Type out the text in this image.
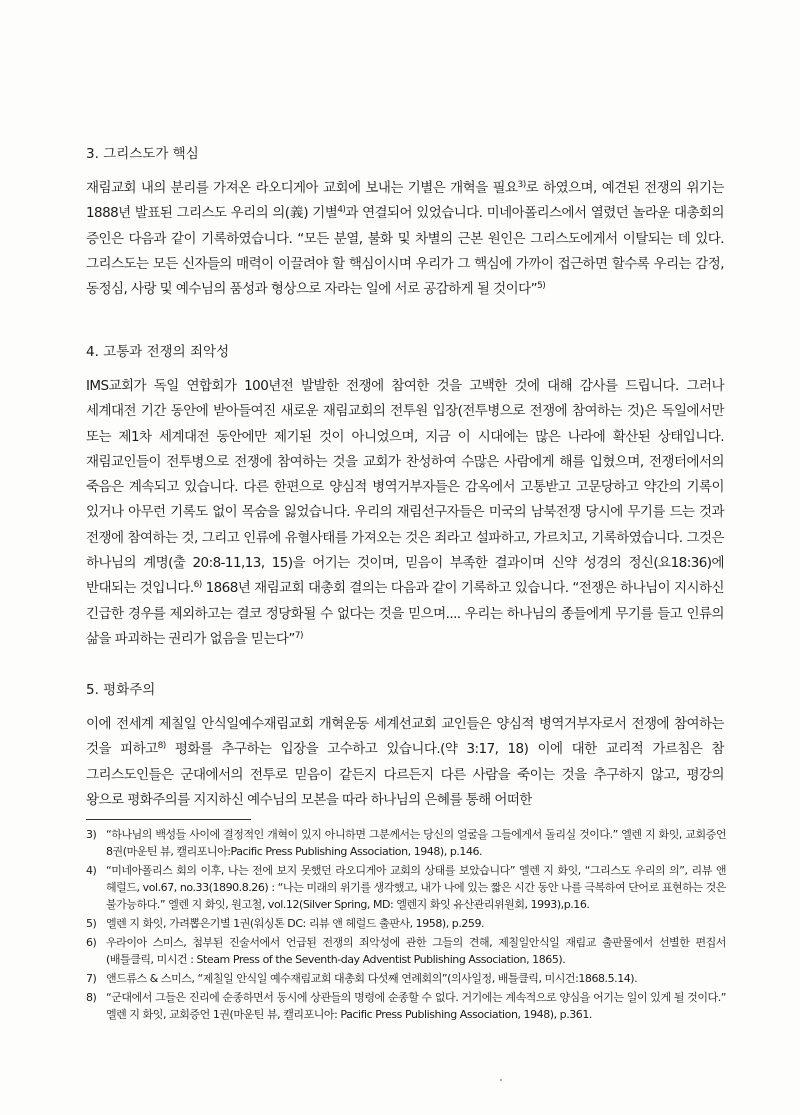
3. 그리스도가 핵심

재림교회 내의 분리를 가져온 라오디게아 교회에 보내는 기별은 개혁을 필요$^{3)}$로 하였으며, 예견된 전쟁의 위기는 1888년 발표된 그리스도 우리의 의(義) 기별$^{4)}$과 연결되어 있었습니다. 미네아폴리스에서 열렸던 놀라운 대총회의 증인은 다음과 같이 기록하였습니다. “모든 분열, 불화 및 차별의 근본 원인은 그리스도에게서 이탈되는 데 있다. 그리스도는 모든 신자들의 매력이 이끌려야 할 핵심이시며 우리가 그 핵심에 가까이 접근하면 할수록 우리는 감정, 동정심, 사랑 및 예수님의 품성과 형상으로 자라는 일에 서로 공감하게 될 것이다”$^{5)}$

4. 고통과 전쟁의 죄악성

IMS교회가 독일 연합회가 100년전 발발한 전쟁에 참여한 것을 고백한 것에 대해 감사를 드립니다. 그러나 세계대전 기간 동안에 받아들여진 새로운 재림교회의 전투원 입장(전투병으로 전쟁에 참여하는 것)은 독일에서만 또는 제1차 세계대전 동안에만 제기된 것이 아니었으며, 지금 이 시대에는 많은 나라에 확산된 상태입니다. 재림교인들이 전투병으로 전쟁에 참여하는 것을 교회가 찬성하여 수많은 사람에게 해를 입혔으며, 전쟁터에서의 죽음은 계속되고 있습니다. 다른 한편으로 양심적 병역거부자들은 감옥에서 고통받고 고문당하고 약간의 기록이 있거나 아무런 기록도 없이 목숨을 잃었습니다. 우리의 재림선구자들은 미국의 남북전쟁 당시에 무기를 드는 것과 전쟁에 참여하는 것, 그리고 인류에 유혈사태를 가져오는 것은 죄라고 설파하고, 가르치고, 기록하였습니다. 그것은 하나님의 계명(출 20:8-11,13, 15)을 어기는 것이며, 믿음이 부족한 결과이며 신약 성경의 정신(요18:36)에 반대되는 것입니다.$^{6)}$ 1868년 재림교회 대총회 결의는 다음과 같이 기록하고 있습니다. “전쟁은 하나님이 지시하신 긴급한 경우를 제외하고는 결코 정당화될 수 없다는 것을 믿으며.... 우리는 하나님의 종들에게 무기를 들고 인류의 삶을 파괴하는 권리가 없음을 믿는다”$^{7)}$

5. 평화주의

이에 전세계 제칠일 안식일예수재림교회 개혁운동 세계선교회 교인들은 양심적 병역거부자로서 전쟁에 참여하는 것을 피하고$^{8)}$ 평화를 추구하는 입장을 고수하고 있습니다.(약 3:17, 18) 이에 대한 교리적 가르침은 참 그리스도인들은 군대에서의 전투로 믿음이 같든지 다르든지 다른 사람을 죽이는 것을 추구하지 않고, 평강의 왕으로 평화주의를 지지하신 예수님의 모본을 따라 하나님의 은혜를 통해 어떠한

3) “하나님의 백성들 사이에 결정적인 개혁이 있지 아니하면 그분께서는 당신의 얼굴을 그들에게서 돌리실 것이다.” 엘렌 지 화잇, 교회증언 8권(마운틴 뷰, 캘리포니아:Pacific Press Publishing Association, 1948), p.146.
4) “미네아폴리스 회의 이후, 나는 전에 보지 못했던 라오디게아 교회의 상태를 보았습니다” 엘렌 지 화잇, “그리스도 우리의 의”, 리뷰 앤 헤럴드, vol.67, no.33(1890.8.26) : “나는 미래의 위기를 생각했고, 내가 나에 있는 짧은 시간 동안 나를 극복하여 단어로 표현하는 것은 불가능하다.” 엘렌 지 화잇, 원고철, vol.12(Silver Spring, MD: 엘렌지 화잇 유산관리위원회, 1993),p.16.
5) 엘렌 지 화잇, 가려뽑은기별 1권(워싱톤 DC: 리뷰 앤 헤럴드 출판사, 1958), p.259.
6) 우라이아 스미스, 첨부된 진술서에서 언급된 전쟁의 죄악성에 관한 그들의 견해, 제칠일안식일 재림교 출판물에서 선별한 편집서(배틀클릭, 미시건 : Steam Press of the Seventh-day Adventist Publishing Association, 1865).
7) 앤드류스 & 스미스, “제칠일 안식일 예수재림교회 대총회 다섯째 연례회의”(의사일정, 배틀클릭, 미시건:1868.5.14).
8) “군대에서 그들은 진리에 순종하면서 동시에 상관들의 명령에 순종할 수 없다. 거기에는 계속적으로 양심을 어기는 일이 있게 될 것이다.” 엘렌 지 화잇, 교회증언 1권(마운틴 뷰, 캘리포니아: Pacific Press Publishing Association, 1948), p.361.
